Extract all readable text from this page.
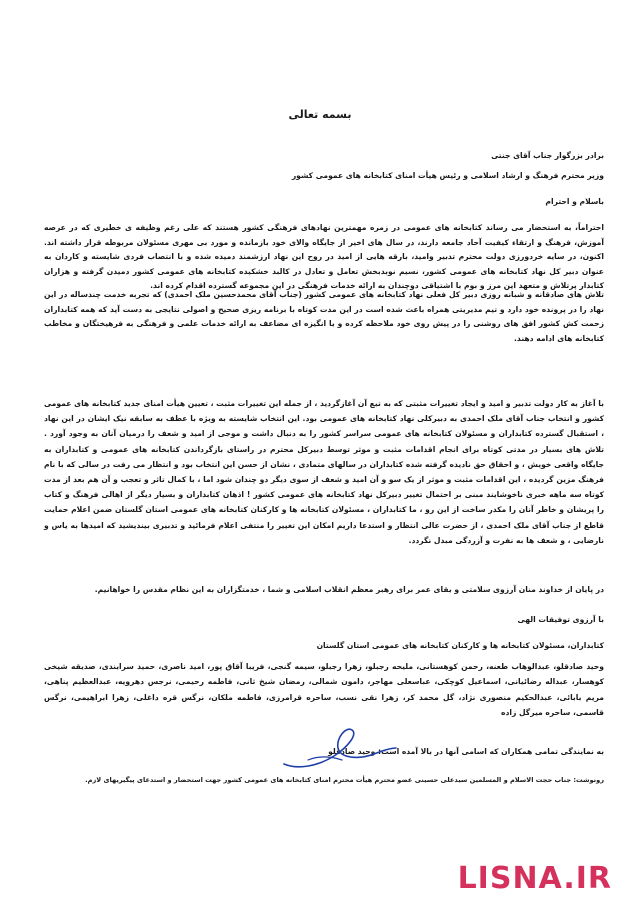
بسمه تعالی
برادر بزرگوار جناب آقای جنتی
وزیر محترم فرهنگ و ارشاد اسلامی و رئیس هیأت امنای کتابخانه های عمومی کشور
باسلام و احترام
احتراماً، به استحضار می رساند کتابخانه های عمومی در زمره مهمترین نهادهای فرهنگی کشور هستند که علی رغم وظیفه ی خطیری که در عرصه آموزش، فرهنگ و ارتقاء کیفیت آحاد جامعه دارند، در سال های اخیر از جایگاه والای خود بازمانده و مورد بی مهری مسئولان مربوطه قرار داشته اند. اکنون، در سایه خردورزی دولت محترم تدبیر وامید، بارقه هایی از امید در روح این نهاد ارزشمند دمیده شده و با انتصاب فردی شایسته و کاردان به عنوان دبیر کل نهاد کتابخانه های عمومی کشور، نسیم نوبدبخش تعامل و تعادل در کالبد خشکیده کتابخانه های عمومی کشور دمیدن گرفته و هزاران کتابدار پرتلاش و متعهد این مرز و بوم با اشتیاقی دوچندان به ارائه خدمات فرهنگی در این مجموعه گسترده اقدام کرده اند.
تلاش های صادقانه و شبانه روزی دبیر کل فعلی نهاد کتابخانه های عمومی کشور (جناب آقای محمدحسین ملک احمدی) که تجربه خدمت چندساله در این نهاد را در پرونده خود دارد و تیم مدیریتی همراه باعث شده است در این مدت کوتاه با برنامه ریزی صحیح و اصولی نتایجی به دست آید که همه کتابداران زحمت کش کشور افق های روشنی را در پیش روی خود ملاحظه کرده و با انگیزه ای مضاعف به ارائه خدمات علمی و فرهنگی به فرهیختگان و مخاطب کتابخانه های ادامه دهند.
با آغاز به کار دولت تدبیر و امید و ایجاد تغییرات مثبتی که به تبع آن آغازگردید ، از جمله این تغییرات مثبت ، تعیین هیأت امنای جدید کتابخانه های عمومی کشور و انتخاب جناب آقای ملک احمدی به دبیرکلی نهاد کتابخانه های عمومی بود. این انتخاب شایسته به ویژه با عطف به سابقه نیک ایشان در این نهاد ، استقبال گسترده کتابداران و مسئولان کتابخانه های عمومی سراسر کشور را به دنبال داشت و موجی از امید و شعف را درمیان آنان به وجود آورد . تلاش های بسیار در مدتی کوتاه برای انجام اقدامات مثبت و موثر توسط دبیرکل محترم در راستای بازگرداندن کتابخانه های عمومی و کتابداران به جایگاه واقعی خویش ، و احقاق حق نادیده گرفته شده کتابداران در سالهای متمادی ، نشان از حسن این انتخاب بود و انتظار می رفت در سالی که با نام فرهنگ مزین گردیده ، این اقدامات مثبت و موثر از یک سو و آن امید و شعف از سوی دیگر دو چندان شود اما ، با کمال تاثر و تعجب و آن هم بعد از مدت کوتاه سه ماهه خبری ناخوشایند مبنی بر احتمال تغییر دبیرکل نهاد کتابخانه های عمومی کشور ! اذهان کتابداران و بسیار دیگر از اهالی فرهنگ و کتاب را پریشان و خاطر آنان را مکدر ساخت از این رو ، ما کتابداران ، مسئولان کتابخانه ها و کارکنان کتابخانه های عمومی استان گلستان ضمن اعلام حمایت قاطع از جناب آقای ملک احمدی ، از حضرت عالی انتظار و استدعا داریم امکان این تغییر را منتفی اعلام فرمائید و تدبیری بیندیشید که امیدها به یاس و نارضایی ، و شعف ها به نفرت و آزردگی مبدل نگردد.
در پایان از خداوند منان آرزوی سلامتی و بقای عمر برای رهبر معظم انقلاب اسلامی و شما ، خدمتگزاران به این نظام مقدس را خواهانیم.
با آرزوی توفیقات الهی
کتابداران، مسئولان کتابخانه ها و کارکنان کتابخانه های عمومی استان گلستان
وحید صادقلو، عبدالوهاب طعنه، رحمن کوهستانی، مليحه رجبلو، زهرا رجبلو، سیمه گنجی، فریبا آقاق پور، امید ناصری، حمید سرابندی، صدیقه شیخی کوهسار، عبداله رضائیانی، اسماعیل کوچکی، عباسعلی مهاجر، دامون شمالی، رمضان شیخ ثانی، فاطمه رحیمی، نرجس دهرویه، عبدالعظیم پناهی، مریم بابائی، عبدالحکیم منصوری نژاد، گل محمد کر، زهرا نقی نسب، ساحره قرامرزی، فاطمه ملکان، نرگس قره داغلی، زهرا ابراهیمی، نرگس قاسمی، ساحره میرگل زاده
به نمایندگی تمامی همکاران که اسامی آنها در بالا آمده است: وحید صادقلو
رونوشت: جناب حجت الاسلام و المسلمین سیدعلی حسینی عضو محترم هیأت محترم امنای کتابخانه های عمومی کشور جهت استحضار و استدعای پیگیریهای لازم.
LISNA.IR
